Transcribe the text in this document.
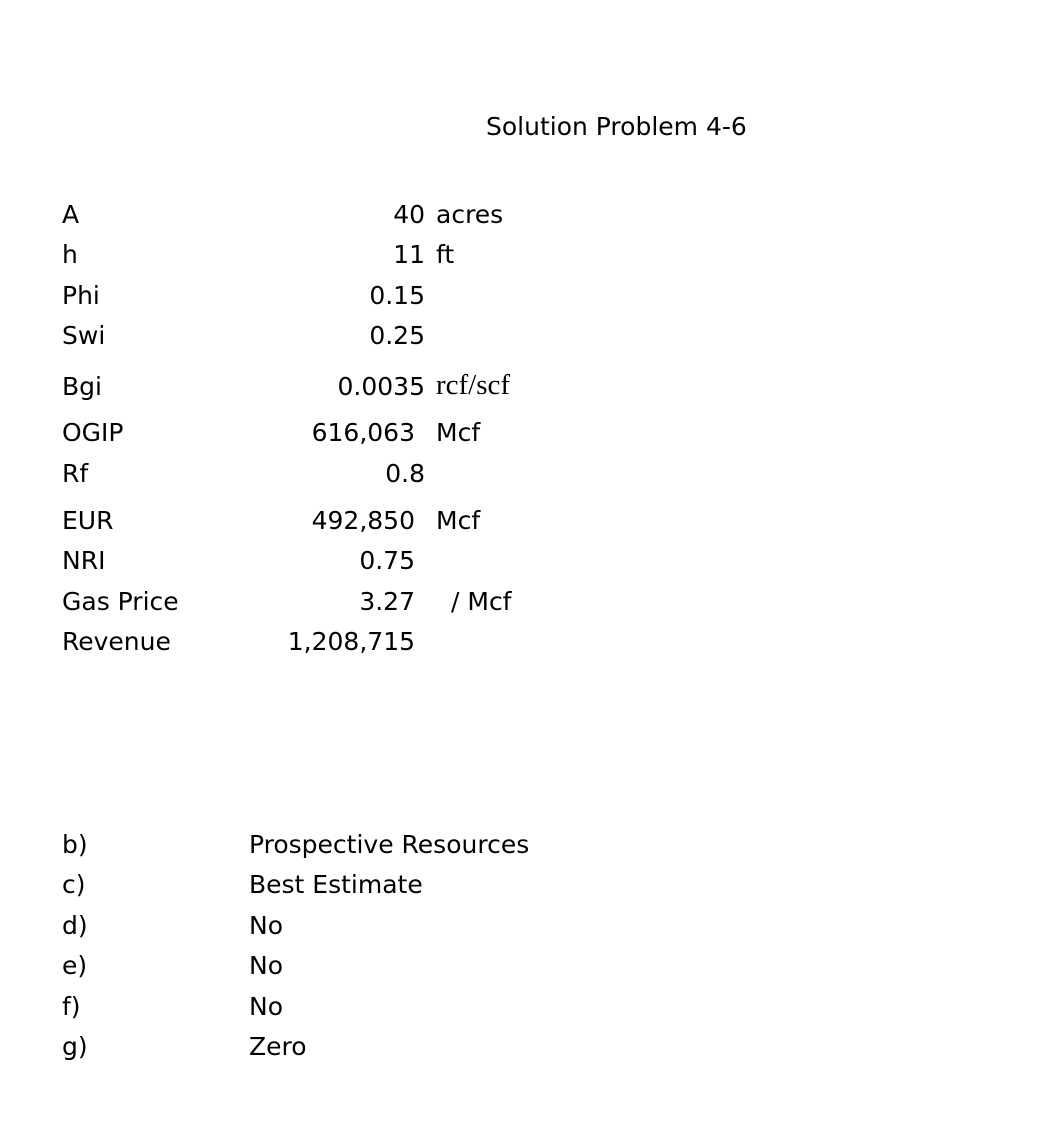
Solution Problem 4-6
A	40 acres
h	11 ft
Phi	0.15
Swi	0.25
Bgi	0.0035 rcf/scf
OGIP	616,063 Mcf
Rf	0.8
EUR	492,850 Mcf
NRI	0.75
Gas Price	3.27 / Mcf
Revenue	1,208,715
b)	Prospective Resources
c)	Best Estimate
d)	No
e)	No
f)	No
g)	Zero
